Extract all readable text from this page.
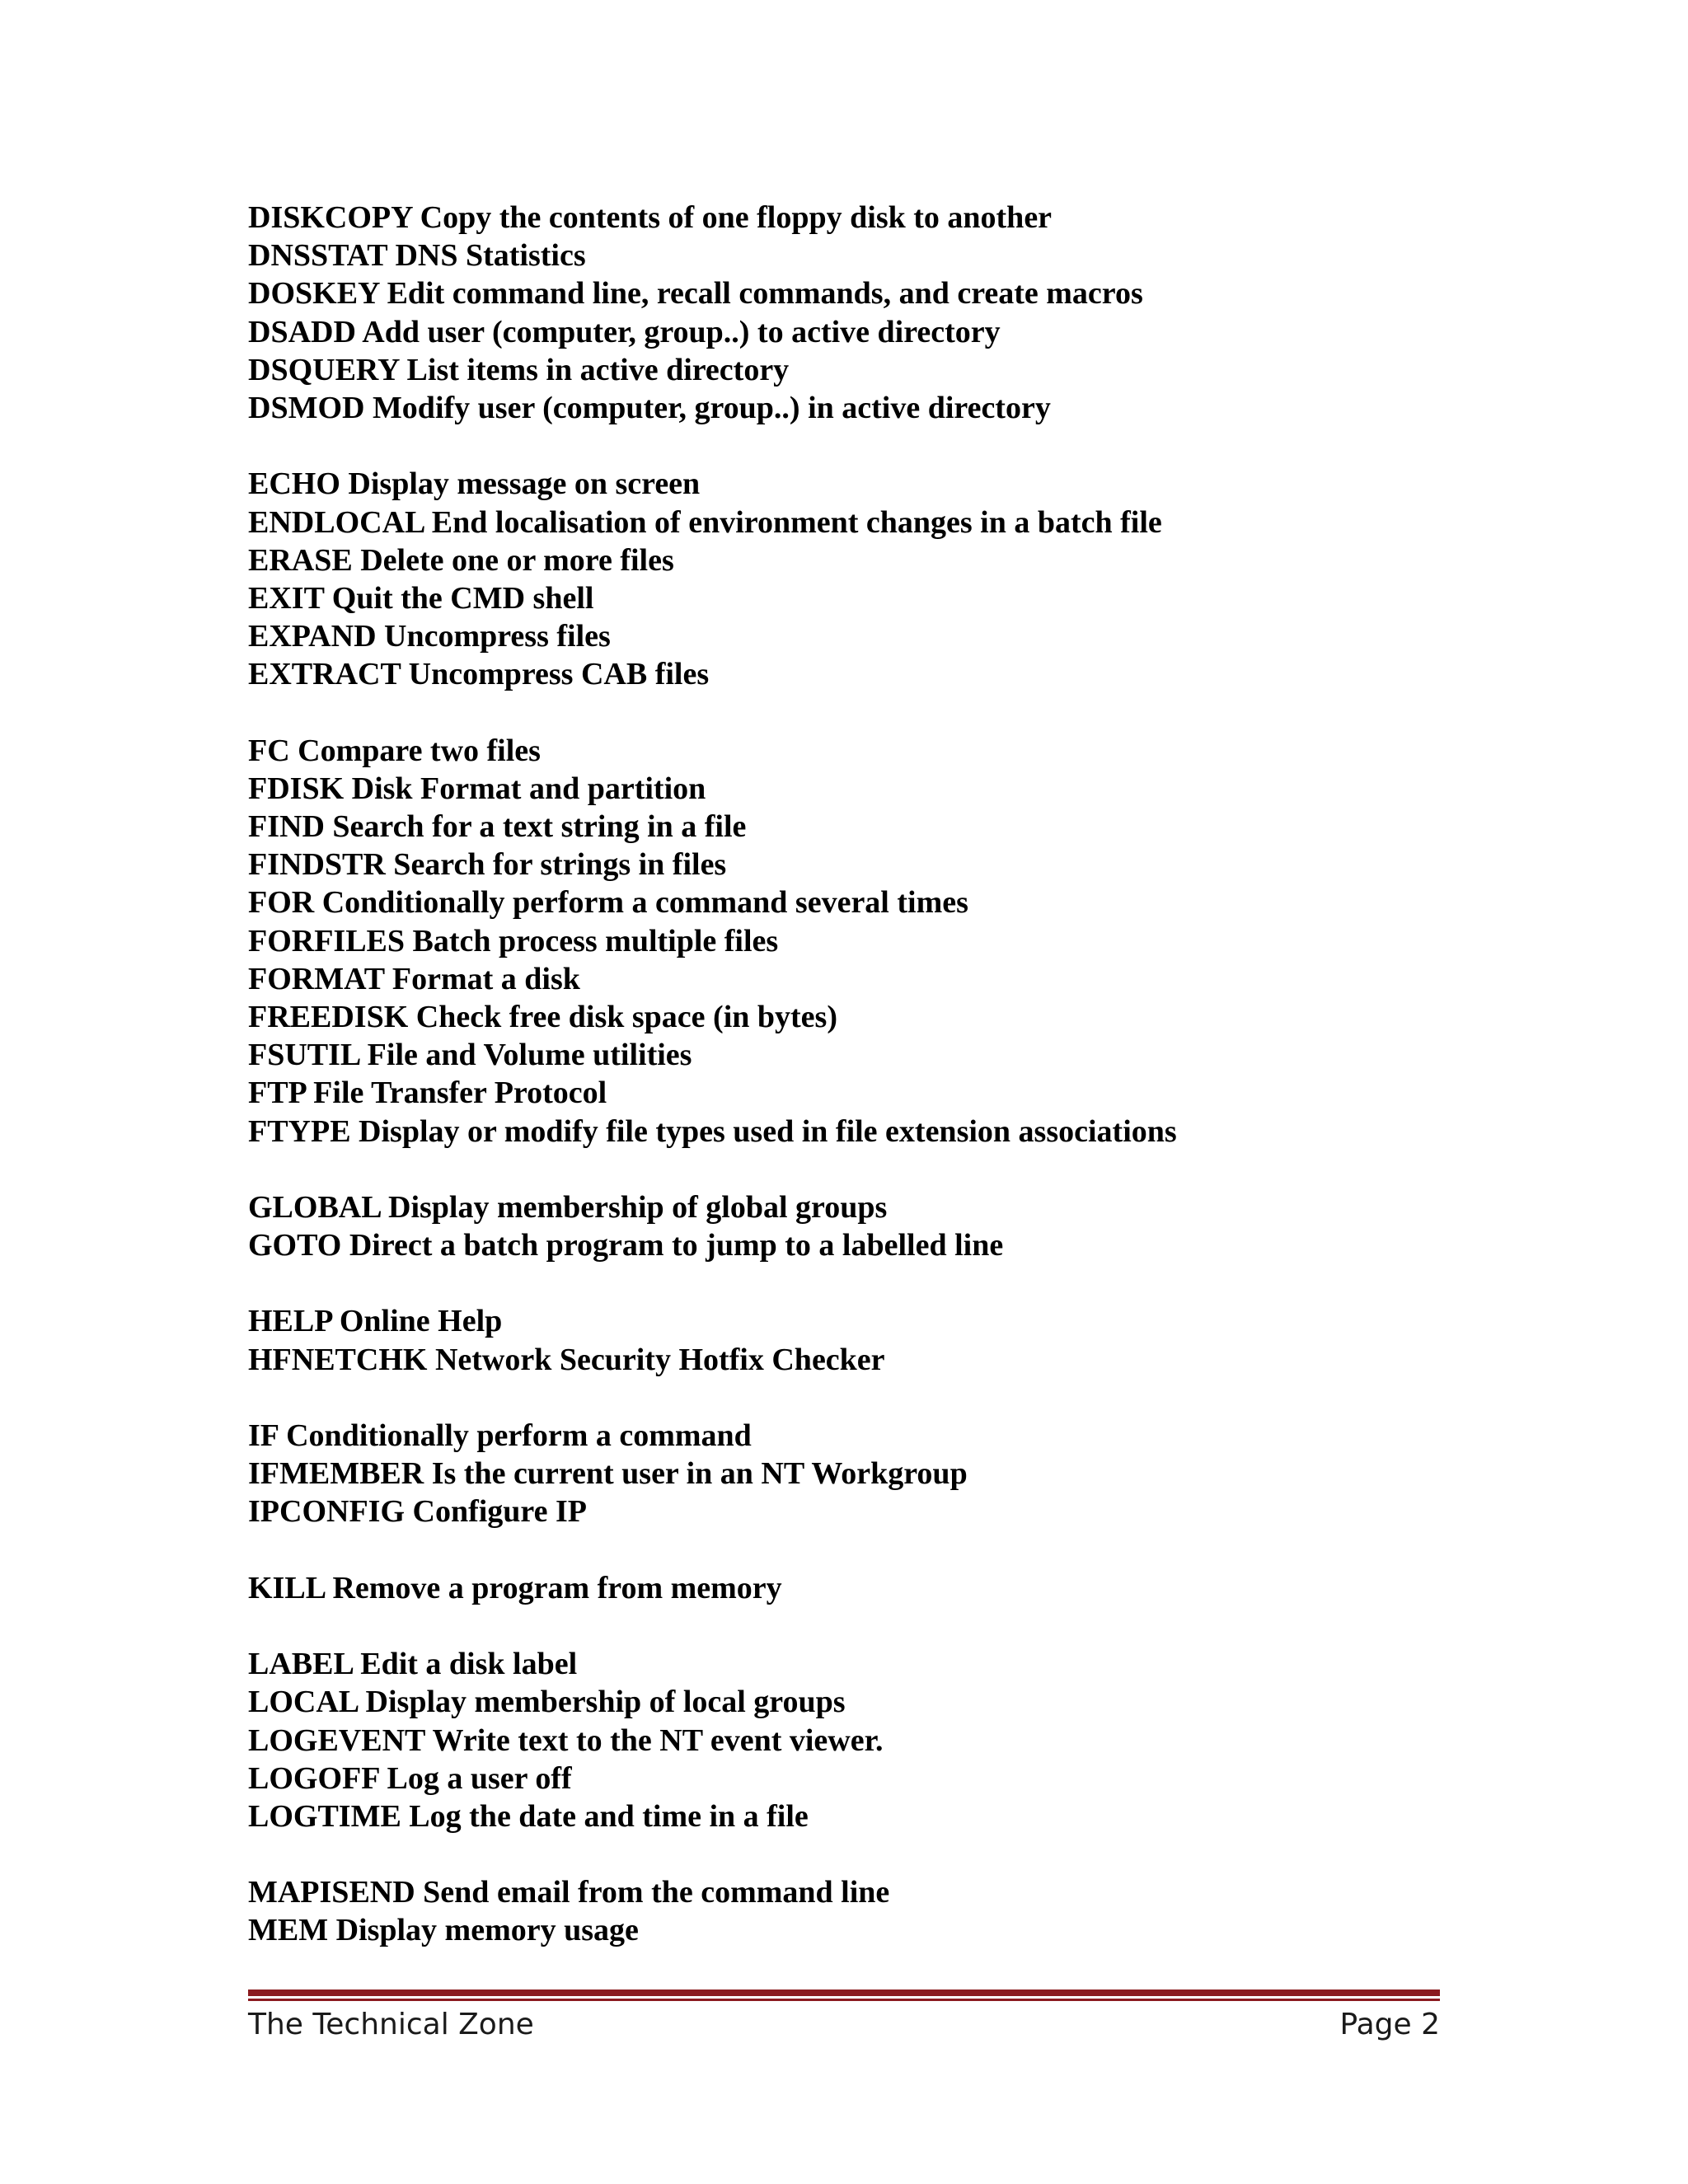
DISKCOPY Copy the contents of one floppy disk to another
DNSSTAT DNS Statistics
DOSKEY Edit command line, recall commands, and create macros
DSADD Add user (computer, group..) to active directory
DSQUERY List items in active directory
DSMOD Modify user (computer, group..) in active directory
ECHO Display message on screen
ENDLOCAL End localisation of environment changes in a batch file
ERASE Delete one or more files
EXIT Quit the CMD shell
EXPAND Uncompress files
EXTRACT Uncompress CAB files
FC Compare two files
FDISK Disk Format and partition
FIND Search for a text string in a file
FINDSTR Search for strings in files
FOR Conditionally perform a command several times
FORFILES Batch process multiple files
FORMAT Format a disk
FREEDISK Check free disk space (in bytes)
FSUTIL File and Volume utilities
FTP File Transfer Protocol
FTYPE Display or modify file types used in file extension associations
GLOBAL Display membership of global groups
GOTO Direct a batch program to jump to a labelled line
HELP Online Help
HFNETCHK Network Security Hotfix Checker
IF Conditionally perform a command
IFMEMBER Is the current user in an NT Workgroup
IPCONFIG Configure IP
KILL Remove a program from memory
LABEL Edit a disk label
LOCAL Display membership of local groups
LOGEVENT Write text to the NT event viewer.
LOGOFF Log a user off
LOGTIME Log the date and time in a file
MAPISEND Send email from the command line
MEM Display memory usage
The Technical Zone	Page 2
